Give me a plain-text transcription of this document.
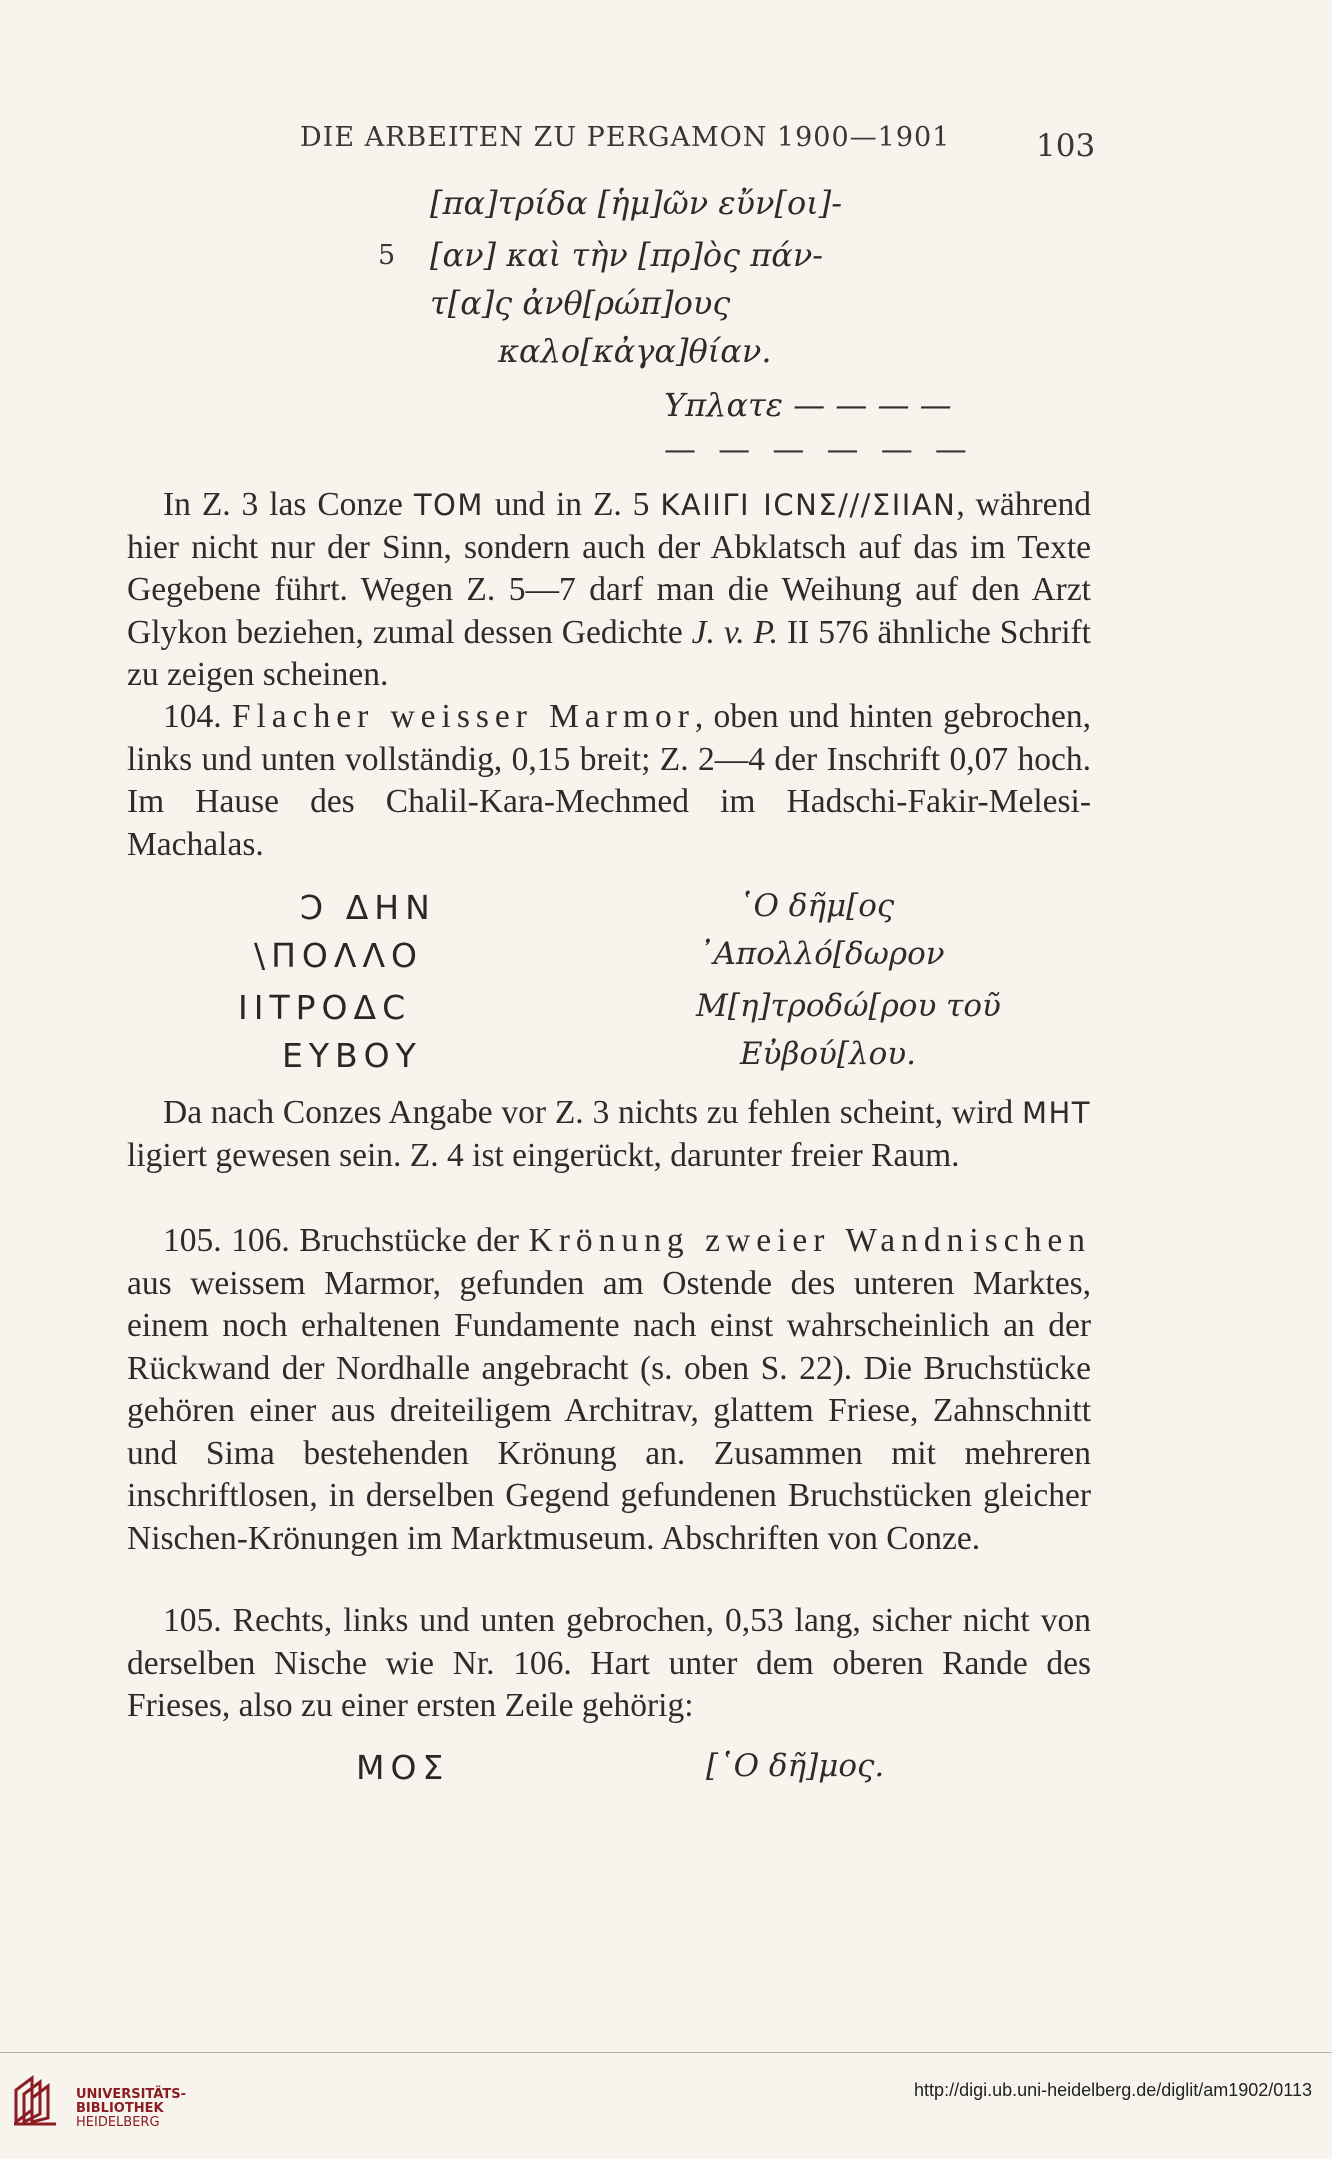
DIE ARBEITEN ZU PERGAMON 1900—1901	103
[πα]τρίδα [ἡμ]ῶν εὔν[οι]-
5 [αν] καὶ τὴν [πρ]ὸς πάν-
τ[α]ς ἀνθ[ρώπ]ους
καλο[κἀγα]θίαν.
Υπλατε — — — —
— — — — — —

In Z. 3 las Conze TOM und in Z. 5 ΚΑΙΙΓΙ ΙϹΝΣ///ΣΙΙΑΝ, während hier nicht nur der Sinn, sondern auch der Abklatsch auf das im Texte Gegebene führt. Wegen Z. 5—7 darf man die Weihung auf den Arzt Glykon beziehen, zumal dessen Gedichte J. v. P. II 576 ähnliche Schrift zu zeigen scheinen.

104. Flacher weisser Marmor, oben und hinten gebrochen, links und unten vollständig, 0,15 breit; Z. 2—4 der Inschrift 0,07 hoch. Im Hause des Chalil-Kara-Mechmed im Hadschi-Fakir-Melesi-Machalas.

Ͻ ΔΗΝ
\ΠΟΛΛΟ
ΙΙΤΡΟΔϹ
ΕΥΒΟΥ
῾Ο δῆμ[ος
᾿Απολλό[δωρον
Μ[η]τροδώ[ρου τοῦ
Εὐβού[λου.

Da nach Conzes Angabe vor Z. 3 nichts zu fehlen scheint, wird MHT ligiert gewesen sein. Z. 4 ist eingerückt, darunter freier Raum.

105. 106. Bruchstücke der Krönung zweier Wandnischen aus weissem Marmor, gefunden am Ostende des unteren Marktes, einem noch erhaltenen Fundamente nach einst wahrscheinlich an der Rückwand der Nordhalle angebracht (s. oben S. 22). Die Bruchstücke gehören einer aus dreiteiligem Architrav, glattem Friese, Zahnschnitt und Sima bestehenden Krönung an. Zusammen mit mehreren inschriftlosen, in derselben Gegend gefundenen Bruchstücken gleicher Nischen-Krönungen im Marktmuseum. Abschriften von Conze.

105. Rechts, links und unten gebrochen, 0,53 lang, sicher nicht von derselben Nische wie Nr. 106. Hart unter dem oberen Rande des Frieses, also zu einer ersten Zeile gehörig:

ΜΟΣ	[῾Ο δῆ]μος.
UNIVERSITÄTS-
BIBLIOTHEK
HEIDELBERG
http://digi.ub.uni-heidelberg.de/diglit/am1902/0113
